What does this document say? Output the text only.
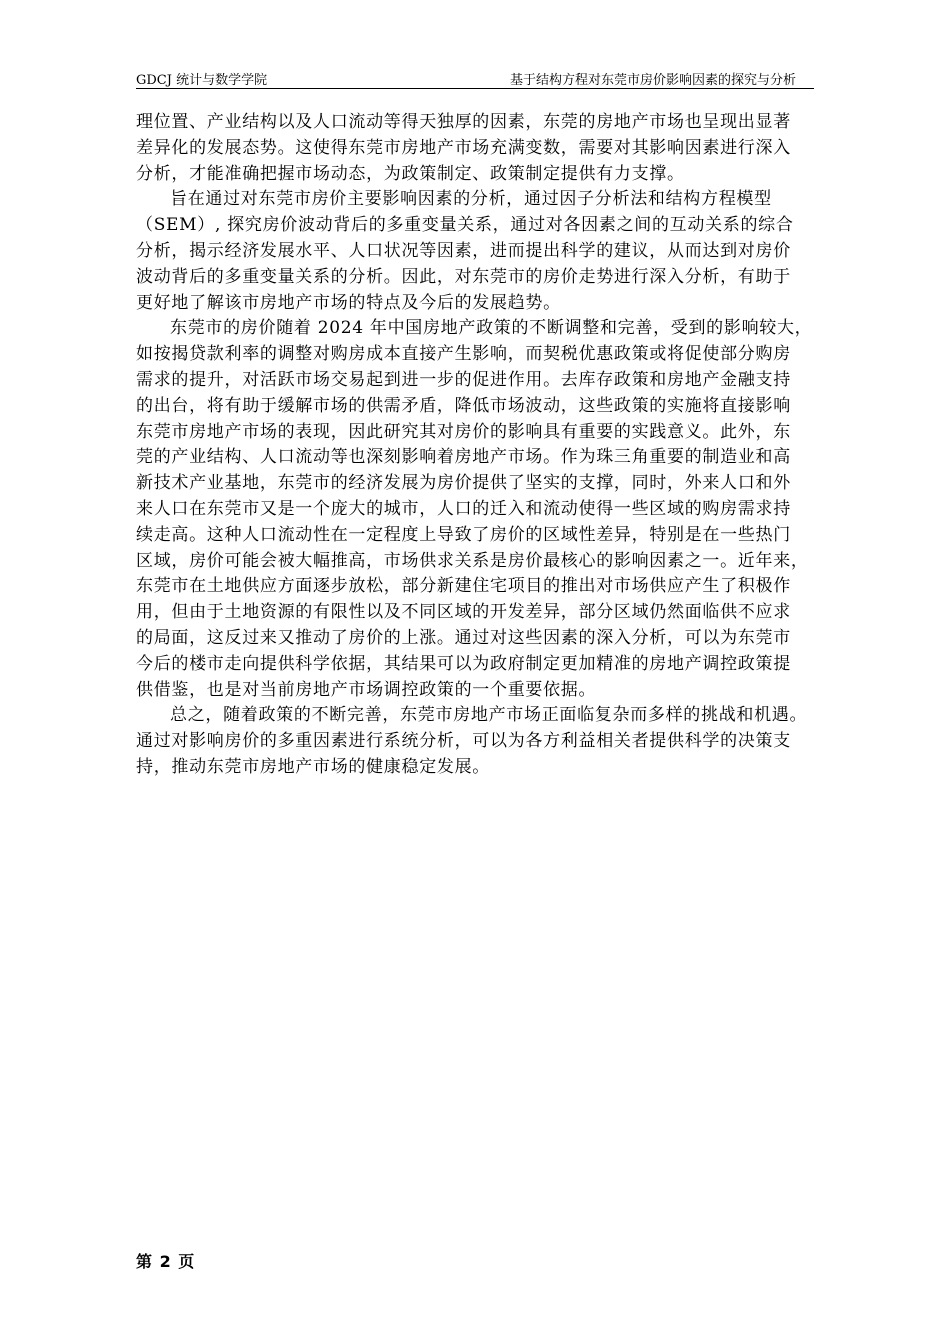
GDCJ 统计与数学学院	基于结构方程对东莞市房价影响因素的探究与分析

理位置、产业结构以及人口流动等得天独厚的因素，东莞的房地产市场也呈现出显著
差异化的发展态势。这使得东莞市房地产市场充满变数，需要对其影响因素进行深入
分析，才能准确把握市场动态，为政策制定、政策制定提供有力支撑。

旨在通过对东莞市房价主要影响因素的分析，通过因子分析法和结构方程模型
（SEM）, 探究房价波动背后的多重变量关系，通过对各因素之间的互动关系的综合
分析，揭示经济发展水平、人口状况等因素，进而提出科学的建议，从而达到对房价
波动背后的多重变量关系的分析。因此，对东莞市的房价走势进行深入分析，有助于
更好地了解该市房地产市场的特点及今后的发展趋势。

东莞市的房价随着 2024 年中国房地产政策的不断调整和完善，受到的影响较大，
如按揭贷款利率的调整对购房成本直接产生影响，而契税优惠政策或将促使部分购房
需求的提升，对活跃市场交易起到进一步的促进作用。去库存政策和房地产金融支持
的出台，将有助于缓解市场的供需矛盾，降低市场波动，这些政策的实施将直接影响
东莞市房地产市场的表现，因此研究其对房价的影响具有重要的实践意义。此外，东
莞的产业结构、人口流动等也深刻影响着房地产市场。作为珠三角重要的制造业和高
新技术产业基地，东莞市的经济发展为房价提供了坚实的支撑，同时，外来人口和外
来人口在东莞市又是一个庞大的城市，人口的迁入和流动使得一些区域的购房需求持
续走高。这种人口流动性在一定程度上导致了房价的区域性差异，特别是在一些热门
区域，房价可能会被大幅推高，市场供求关系是房价最核心的影响因素之一。近年来，
东莞市在土地供应方面逐步放松，部分新建住宅项目的推出对市场供应产生了积极作
用，但由于土地资源的有限性以及不同区域的开发差异，部分区域仍然面临供不应求
的局面，这反过来又推动了房价的上涨。通过对这些因素的深入分析，可以为东莞市
今后的楼市走向提供科学依据，其结果可以为政府制定更加精准的房地产调控政策提
供借鉴，也是对当前房地产市场调控政策的一个重要依据。

总之，随着政策的不断完善，东莞市房地产市场正面临复杂而多样的挑战和机遇。
通过对影响房价的多重因素进行系统分析，可以为各方利益相关者提供科学的决策支
持，推动东莞市房地产市场的健康稳定发展。

第 2 页
